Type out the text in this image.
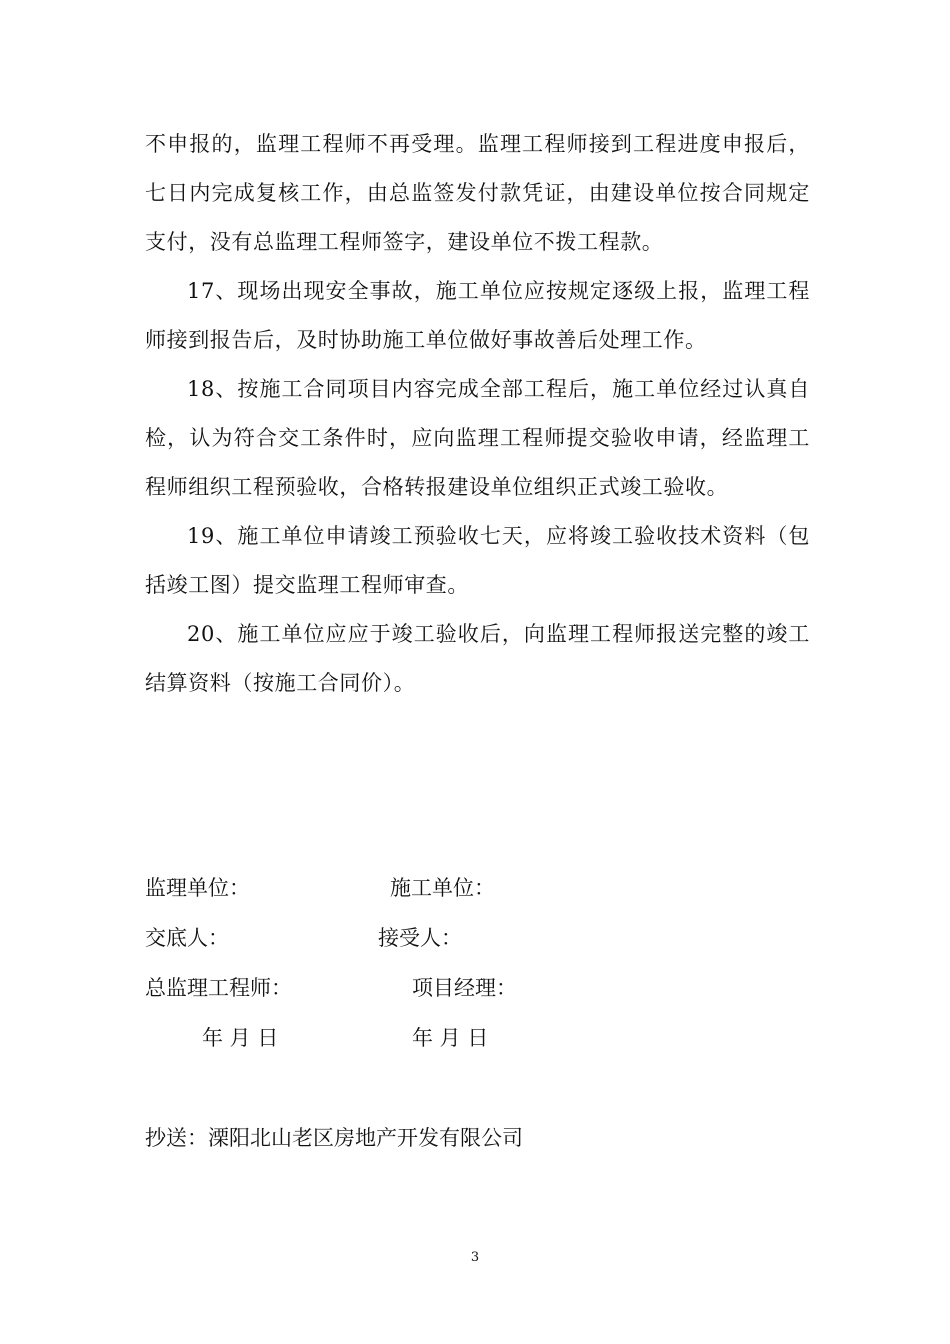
不申报的，监理工程师不再受理。监理工程师接到工程进度申报后，七日内完成复核工作，由总监签发付款凭证，由建设单位按合同规定支付，没有总监理工程师签字，建设单位不拨工程款。

17、现场出现安全事故，施工单位应按规定逐级上报，监理工程师接到报告后，及时协助施工单位做好事故善后处理工作。

18、按施工合同项目内容完成全部工程后，施工单位经过认真自检，认为符合交工条件时，应向监理工程师提交验收申请，经监理工程师组织工程预验收，合格转报建设单位组织正式竣工验收。

19、施工单位申请竣工预验收七天，应将竣工验收技术资料（包括竣工图）提交监理工程师审查。

20、施工单位应应于竣工验收后，向监理工程师报送完整的竣工结算资料（按施工合同价）。

监理单位：	施工单位：
交底人：	接受人：
总监理工程师：	项目经理：
年 月 日	年 月 日
抄送：溧阳北山老区房地产开发有限公司
3
